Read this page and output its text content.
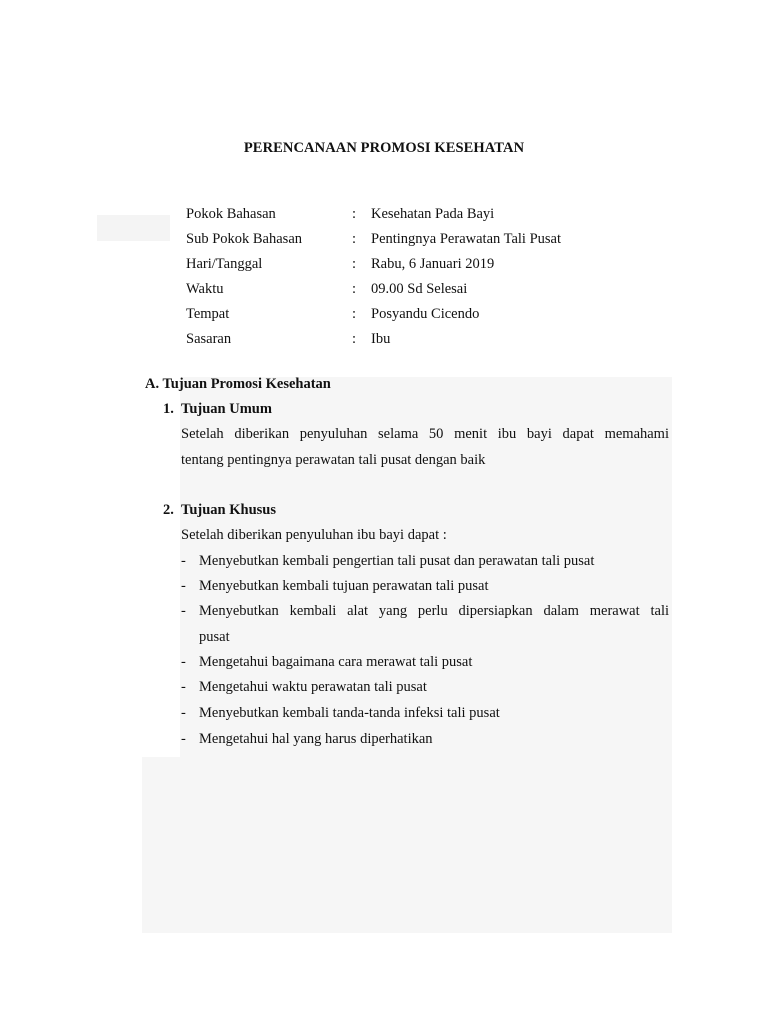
PERENCANAAN PROMOSI KESEHATAN
Pokok Bahasan	: Kesehatan Pada Bayi
Sub Pokok Bahasan	: Pentingnya Perawatan Tali Pusat
Hari/Tanggal	: Rabu, 6 Januari 2019
Waktu	: 09.00 Sd Selesai
Tempat	: Posyandu Cicendo
Sasaran	: Ibu
A. Tujuan Promosi Kesehatan
1. Tujuan Umum
Setelah diberikan penyuluhan selama 50 menit ibu bayi dapat memahami
tentang pentingnya perawatan tali pusat dengan baik
2. Tujuan Khusus
Setelah diberikan penyuluhan ibu bayi dapat :
- Menyebutkan kembali pengertian tali pusat dan perawatan tali pusat
- Menyebutkan kembali tujuan perawatan tali pusat
- Menyebutkan kembali alat yang perlu dipersiapkan dalam merawat tali
pusat
- Mengetahui bagaimana cara merawat tali pusat
- Mengetahui waktu perawatan tali pusat
- Menyebutkan kembali tanda-tanda infeksi tali pusat
- Mengetahui hal yang harus diperhatikan
